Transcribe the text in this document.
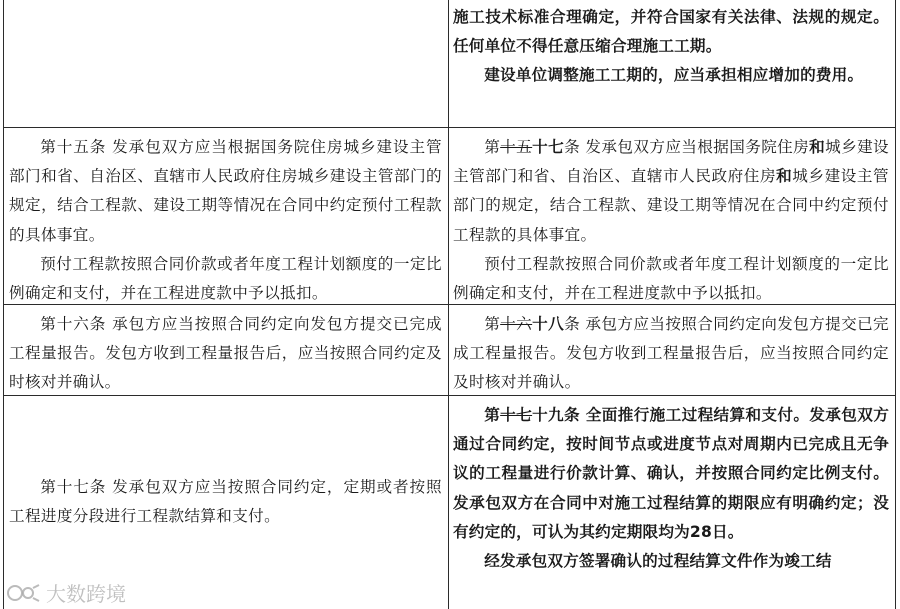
施工技术标准合理确定，并符合国家有关法律、法规的规定。任何单位不得任意压缩合理施工工期。

建设单位调整施工工期的，应当承担相应增加的费用。

第十五条 发承包双方应当根据国务院住房城乡建设主管部门和省、自治区、直辖市人民政府住房城乡建设主管部门的规定，结合工程款、建设工期等情况在合同中约定预付工程款的具体事宜。

预付工程款按照合同价款或者年度工程计划额度的一定比例确定和支付，并在工程进度款中予以抵扣。

第十五十七条 发承包双方应当根据国务院住房和城乡建设主管部门和省、自治区、直辖市人民政府住房和城乡建设主管部门的规定，结合工程款、建设工期等情况在合同中约定预付工程款的具体事宜。

预付工程款按照合同价款或者年度工程计划额度的一定比例确定和支付，并在工程进度款中予以抵扣。

第十六条 承包方应当按照合同约定向发包方提交已完成工程量报告。发包方收到工程量报告后，应当按照合同约定及时核对并确认。

第十六十八条 承包方应当按照合同约定向发包方提交已完成工程量报告。发包方收到工程量报告后，应当按照合同约定及时核对并确认。

第十七条 发承包双方应当按照合同约定，定期或者按照工程进度分段进行工程款结算和支付。

第十七十九条 全面推行施工过程结算和支付。发承包双方通过合同约定，按时间节点或进度节点对周期内已完成且无争议的工程量进行价款计算、确认，并按照合同约定比例支付。发承包双方在合同中对施工过程结算的期限应有明确约定；没有约定的，可认为其约定期限均为28日。

经发承包双方签署确认的过程结算文件作为竣工结

大数跨境
